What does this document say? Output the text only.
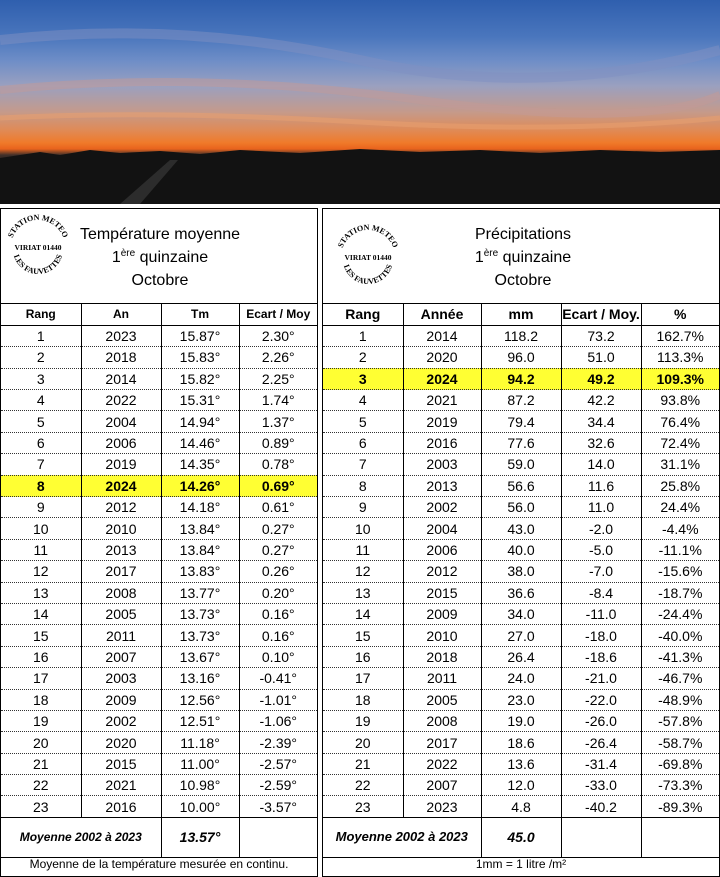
STATION METEO
VIRIAT 01440
LES FAUVETTES
Température moyenne
1ère quinzaine
Octobre
Rang	An	Tm	Ecart / Moy
1	2023	15.87°	2.30°
2	2018	15.83°	2.26°
3	2014	15.82°	2.25°
4	2022	15.31°	1.74°
5	2004	14.94°	1.37°
6	2006	14.46°	0.89°
7	2019	14.35°	0.78°
8	2024	14.26°	0.69°
9	2012	14.18°	0.61°
10	2010	13.84°	0.27°
11	2013	13.84°	0.27°
12	2017	13.83°	0.26°
13	2008	13.77°	0.20°
14	2005	13.73°	0.16°
15	2011	13.73°	0.16°
16	2007	13.67°	0.10°
17	2003	13.16°	-0.41°
18	2009	12.56°	-1.01°
19	2002	12.51°	-1.06°
20	2020	11.18°	-2.39°
21	2015	11.00°	-2.57°
22	2021	10.98°	-2.59°
23	2016	10.00°	-3.57°
Moyenne 2002 à 2023		13.57°	
Moyenne de la température mesurée en continu.
STATION METEO
VIRIAT 01440
LES FAUVETTES
Précipitations
1ère quinzaine
Octobre
Rang	Année	mm	Ecart / Moy.	%
1	2014	118.2	73.2	162.7%
2	2020	96.0	51.0	113.3%
3	2024	94.2	49.2	109.3%
4	2021	87.2	42.2	93.8%
5	2019	79.4	34.4	76.4%
6	2016	77.6	32.6	72.4%
7	2003	59.0	14.0	31.1%
8	2013	56.6	11.6	25.8%
9	2002	56.0	11.0	24.4%
10	2004	43.0	-2.0	-4.4%
11	2006	40.0	-5.0	-11.1%
12	2012	38.0	-7.0	-15.6%
13	2015	36.6	-8.4	-18.7%
14	2009	34.0	-11.0	-24.4%
15	2010	27.0	-18.0	-40.0%
16	2018	26.4	-18.6	-41.3%
17	2011	24.0	-21.0	-46.7%
18	2005	23.0	-22.0	-48.9%
19	2008	19.0	-26.0	-57.8%
20	2017	18.6	-26.4	-58.7%
21	2022	13.6	-31.4	-69.8%
22	2007	12.0	-33.0	-73.3%
23	2023	4.8	-40.2	-89.3%
Moyenne 2002 à 2023		45.0		
1mm = 1 litre /m²
